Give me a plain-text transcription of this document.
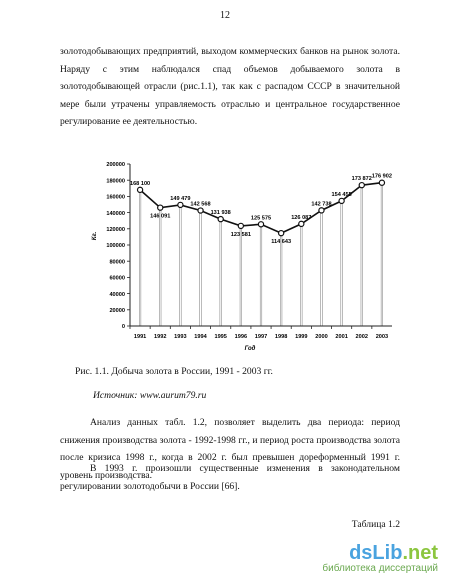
12

золотодобывающих предприятий, выходом коммерческих банков на рынок золота. Наряду с этим наблюдался спад объемов добываемого золота в золотодобывающей отрасли (рис.1.1), так как с распадом СССР в значительной мере были утрачены управляемость отраслью и центральное государственное регулирование ее деятельностью.

0
20000
40000
60000
80000
100000
120000
140000
160000
180000
200000
1991 1992 1993 1994 1995 1996 1997 1998 1999 2000 2001 2002 2003
Кг.
Год
168 100
146 091
149 479
142 568
131 938
123 581
125 575
114 643
126 087
142 738
154 455
173 872 176 902
Рис. 1.1. Добыча золота в России, 1991 - 2003 гг.
Источник: www.aurum79.ru

Анализ данных табл. 1.2, позволяет выделить два периода: период снижения производства золота - 1992-1998 гг., и период роста производства золота после кризиса 1998 г., когда в 2002 г. был превышен дореформенный 1991 г. уровень производства.

В 1993 г. произошли существенные изменения в законодательном регулировании золотодобычи в России [66].

Таблица 1.2
dsLib.net
библиотека диссертаций
